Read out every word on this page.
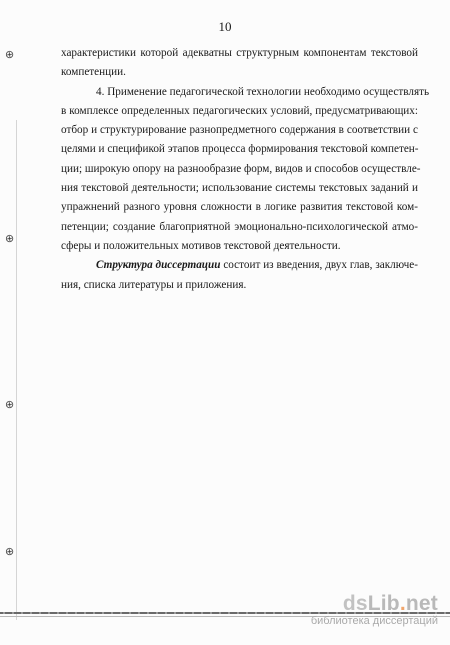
10
⊕
⊕
⊕
⊕
характеристики которой адекватны структурным компонентам текстовой
компетенции.
4. Применение педагогической технологии необходимо осуществлять
в комплексе определенных педагогических условий, предусматривающих:
отбор и структурирование разнопредметного содержания в соответствии с
целями и спецификой этапов процесса формирования текстовой компетен-
ции; широкую опору на разнообразие форм, видов и способов осуществле-
ния текстовой деятельности; использование системы текстовых заданий и
упражнений разного уровня сложности в логике развития текстовой ком-
петенции; создание благоприятной эмоционально-психологической атмо-
сферы и положительных мотивов текстовой деятельности.
Структура диссертации состоит из введения, двух глав, заключе-
ния, списка литературы и приложения.
dsLib.net
библиотека диссертаций
